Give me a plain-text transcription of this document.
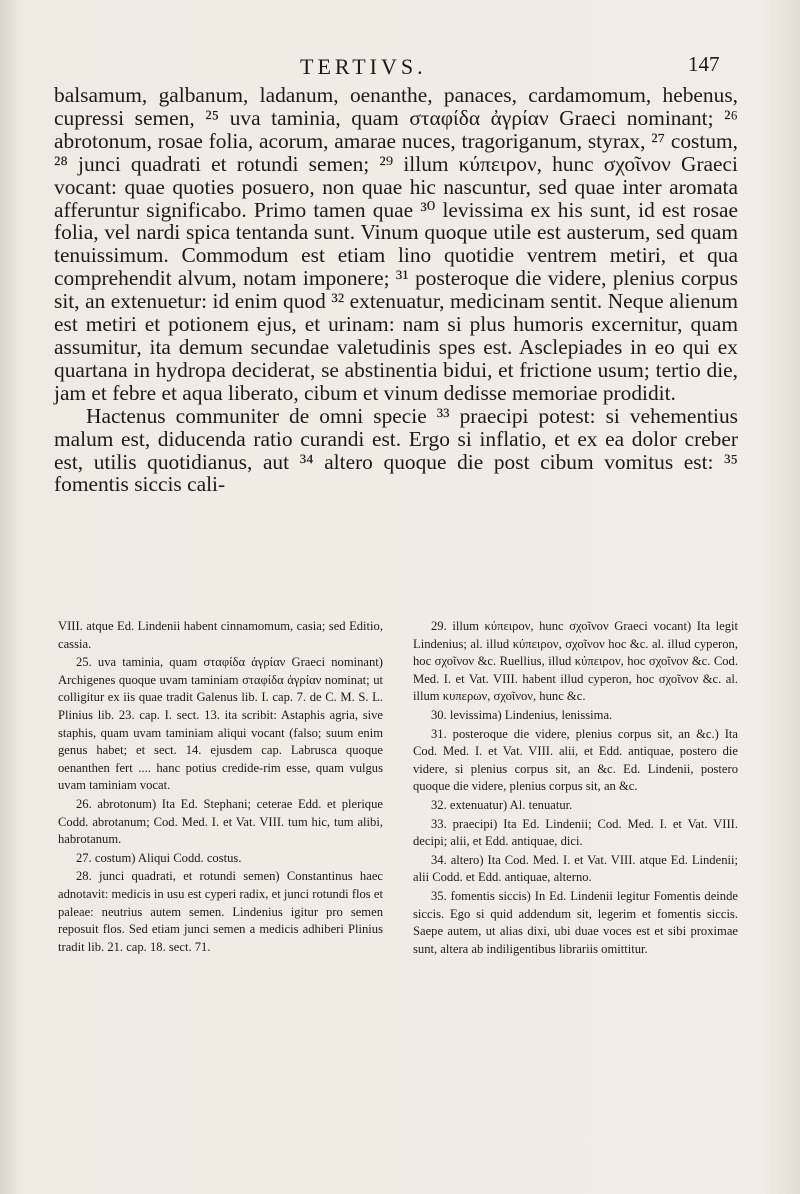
TERTIVS.	147

balsamum, galbanum, ladanum, oenanthe, panaces, cardamomum, hebenus, cupressi semen, ²⁵ uva taminia, quam σταφίδα ἀγρίαν Graeci nominant; ²⁶ abrotonum, rosae folia, acorum, amarae nuces, tragoriganum, styrax, ²⁷ costum, ²⁸ junci quadrati et rotundi semen; ²⁹ illum κύπειρον, hunc σχοῖνον Graeci vocant: quae quoties posuero, non quae hic nascuntur, sed quae inter aromata afferuntur significabo. Primo tamen quae ³⁰ levissima ex his sunt, id est rosae folia, vel nardi spica tentanda sunt. Vinum quoque utile est austerum, sed quam tenuissimum. Commodum est etiam lino quotidie ventrem metiri, et qua comprehendit alvum, notam imponere; ³¹ posteroque die videre, plenius corpus sit, an extenuetur: id enim quod ³² extenuatur, medicinam sentit. Neque alienum est metiri et potionem ejus, et urinam: nam si plus humoris excernitur, quam assumitur, ita demum secundae valetudinis spes est. Asclepiades in eo qui ex quartana in hydropa deciderat, se abstinentia bidui, et frictione usum; tertio die, jam et febre et aqua liberato, cibum et vinum dedisse memoriae prodidit.

Hactenus communiter de omni specie ³³ praecipi potest: si vehementius malum est, diducenda ratio curandi est. Ergo si inflatio, et ex ea dolor creber est, utilis quotidianus, aut ³⁴ altero quoque die post cibum vomitus est: ³⁵ fomentis siccis cali-

VIII. atque Ed. Lindenii habent cinnamomum, casia; sed Editio, cassia.

25. uva taminia, quam σταφίδα ἀγρίαν Graeci nominant) Archigenes quoque uvam taminiam σταφίδα ἀγρίαν nominat; ut colligitur ex iis quae tradit Galenus lib. I. cap. 7. de C. M. S. L. Plinius lib. 23. cap. I. sect. 13. ita scribit: Astaphis agria, sive staphis, quam uvam taminiam aliqui vocant (falso; suum enim genus habet; et sect. 14. ejusdem cap. Labrusca quoque oenanthen fert .... hanc potius credide-rim esse, quam vulgus uvam taminiam vocat.

26. abrotonum) Ita Ed. Stephani; ceterae Edd. et plerique Codd. abrotanum; Cod. Med. I. et Vat. VIII. tum hic, tum alibi, habrotanum.

27. costum) Aliqui Codd. costus.

28. junci quadrati, et rotundi semen) Constantinus haec adnotavit: medicis in usu est cyperi radix, et junci rotundi flos et paleae: neutrius autem semen. Lindenius igitur pro semen reposuit flos. Sed etiam junci semen a medicis adhiberi Plinius tradit lib. 21. cap. 18. sect. 71.

29. illum κύπειρον, hunc σχοῖνον Graeci vocant) Ita legit Lindenius; al. illud κύπειρον, σχοῖνον hoc &c. al. illud cyperon, hoc σχοῖνον &c. Ruellius, illud κύπειρον, hoc σχοῖνον &c. Cod. Med. I. et Vat. VIII. habent illud cyperon, hoc σχοῖνον &c. al. illum κυπερων, σχοῖνον, hunc &c.

30. levissima) Lindenius, lenissima.

31. posteroque die videre, plenius corpus sit, an &c.) Ita Cod. Med. I. et Vat. VIII. alii, et Edd. antiquae, postero die videre, si plenius corpus sit, an &c. Ed. Lindenii, postero quoque die videre, plenius corpus sit, an &c.

32. extenuatur) Al. tenuatur.

33. praecipi) Ita Ed. Lindenii; Cod. Med. I. et Vat. VIII. decipi; alii, et Edd. antiquae, dici.

34. altero) Ita Cod. Med. I. et Vat. VIII. atque Ed. Lindenii; alii Codd. et Edd. antiquae, alterno.

35. fomentis siccis) In Ed. Lindenii legitur Fomentis deinde siccis. Ego si quid addendum sit, legerim et fomentis siccis. Saepe autem, ut alias dixi, ubi duae voces est et sibi proximae sunt, altera ab indiligentibus librariis omittitur.
